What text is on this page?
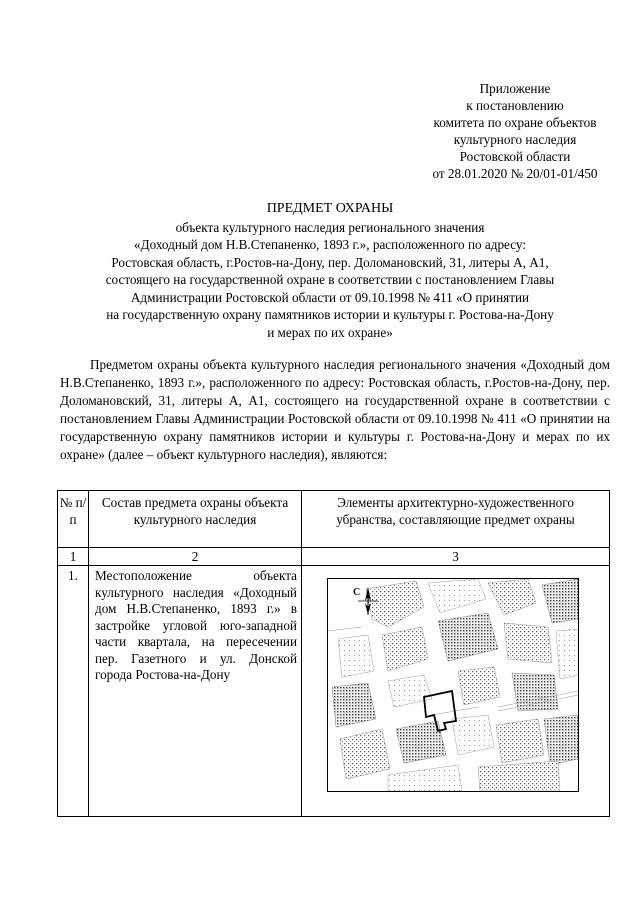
Приложение
к постановлению
комитета по охране объектов
культурного наследия
Ростовской области
от 28.01.2020 № 20/01-01/450
ПРЕДМЕТ ОХРАНЫ
объекта культурного наследия регионального значения
«Доходный дом Н.В.Степаненко, 1893 г.», расположенного по адресу:
Ростовская область, г.Ростов-на-Дону, пер. Доломановский, 31, литеры А, А1,
состоящего на государственной охране в соответствии с постановлением Главы
Администрации Ростовской области от 09.10.1998 № 411 «О принятии
на государственную охрану памятников истории и культуры г. Ростова-на-Дону
и мерах по их охране»
Предметом охраны объекта культурного наследия регионального значения «Доходный дом Н.В.Степаненко, 1893 г.», расположенного по адресу: Ростовская область, г.Ростов-на-Дону, пер. Доломановский, 31, литеры А, А1, состоящего на государственной охране в соответствии с постановлением Главы Администрации Ростовской области от 09.10.1998 № 411 «О принятии на государственную охрану памятников истории и культуры г. Ростова-на-Дону и мерах по их охране» (далее – объект культурного наследия), являются:
№ п/п	Состав предмета охраны объекта культурного наследия	Элементы архитектурно-художественного убранства, составляющие предмет охраны
1	2	3
1.	Местоположение объекта культурного наследия «Доходный дом Н.В.Степаненко, 1893 г.» в застройке угловой юго-западной части квартала, на пересечении пер. Газетного и ул. Донской города Ростова-на-Дону	С
